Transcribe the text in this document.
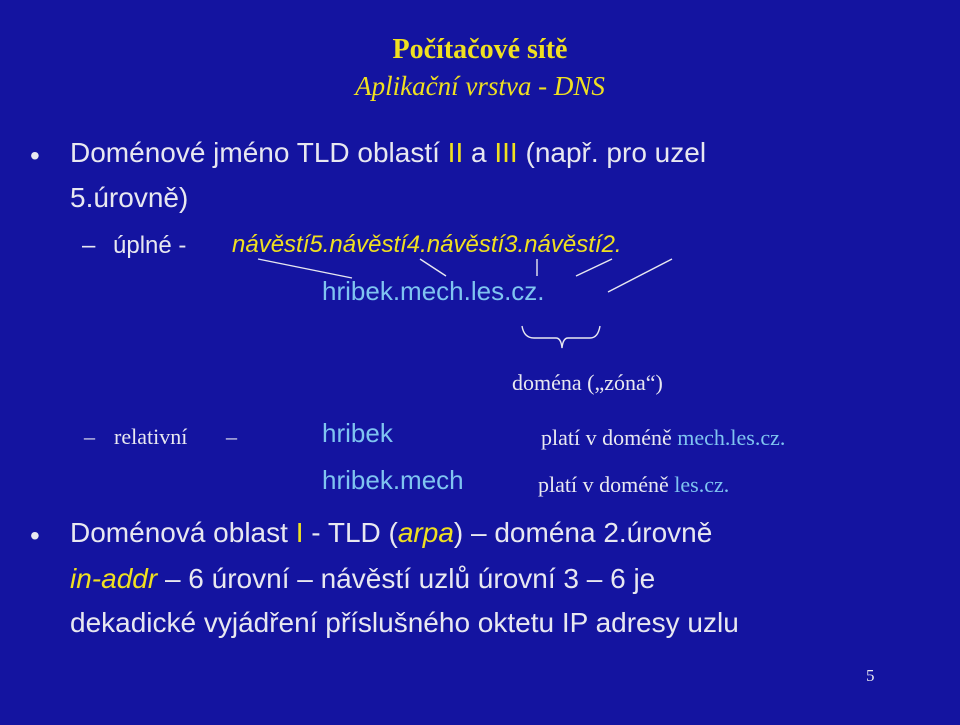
Počítačové sítě
Aplikační vrstva - DNS
• Doménové jméno TLD oblastí II a III (např. pro uzel
5.úrovně)
– úplné - návěstí5.návěstí4.návěstí3.návěstí2.
hribek.mech.les.cz.
doména („zóna“)
– relativní –	hribek	platí v doméně mech.les.cz.
hribek.mech	platí v doméně les.cz.
• Doménová oblast I - TLD (arpa) – doména 2.úrovně
in-addr – 6 úrovní – návěstí uzlů úrovní 3 – 6 je
dekadické vyjádření příslušného oktetu IP adresy uzlu
5
